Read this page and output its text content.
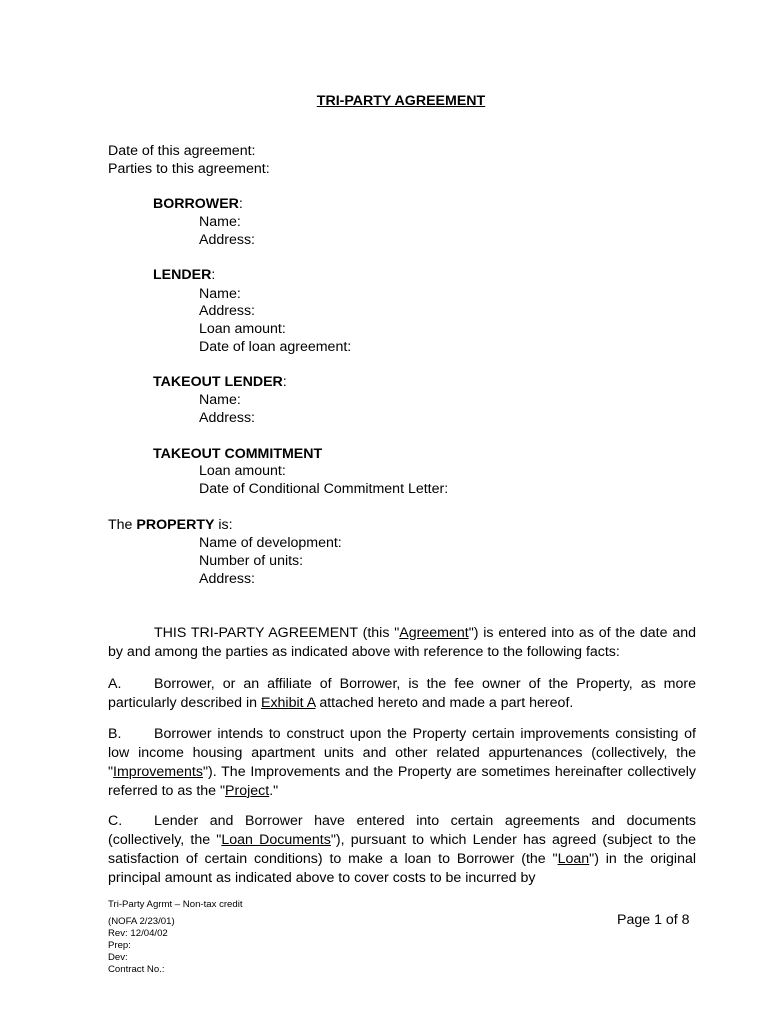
TRI-PARTY AGREEMENT
Date of this agreement:
Parties to this agreement:
BORROWER:
Name:
Address:
LENDER:
Name:
Address:
Loan amount:
Date of loan agreement:
TAKEOUT LENDER:
Name:
Address:
TAKEOUT COMMITMENT
Loan amount:
Date of Conditional Commitment Letter:
The PROPERTY is:
Name of development:
Number of units:
Address:

THIS TRI-PARTY AGREEMENT (this "Agreement") is entered into as of the date and by and among the parties as indicated above with reference to the following facts:

A. Borrower, or an affiliate of Borrower, is the fee owner of the Property, as more particularly described in Exhibit A attached hereto and made a part hereof.

B. Borrower intends to construct upon the Property certain improvements consisting of low income housing apartment units and other related appurtenances (collectively, the "Improvements"). The Improvements and the Property are sometimes hereinafter collectively referred to as the "Project."

C. Lender and Borrower have entered into certain agreements and documents (collectively, the "Loan Documents"), pursuant to which Lender has agreed (subject to the satisfaction of certain conditions) to make a loan to Borrower (the "Loan") in the original principal amount as indicated above to cover costs to be incurred by

Tri-Party Agrmt – Non-tax credit
(NOFA 2/23/01)
Rev: 12/04/02
Prep:
Dev:
Contract No.:
Page 1 of 8
